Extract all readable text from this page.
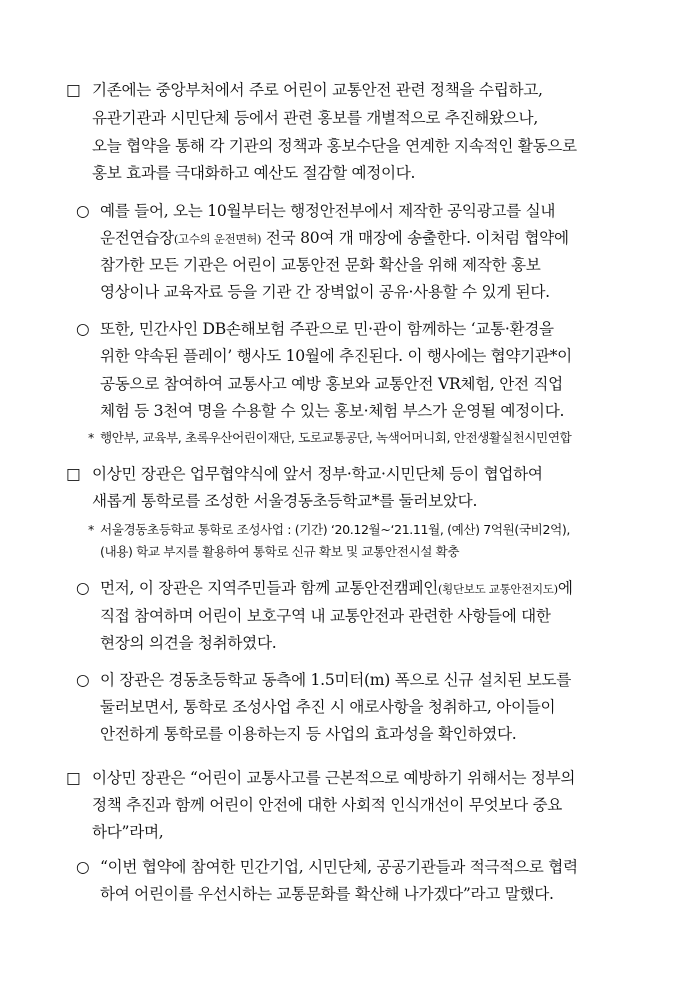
□ 기존에는 중앙부처에서 주로 어린이 교통안전 관련 정책을 수립하고,
유관기관과 시민단체 등에서 관련 홍보를 개별적으로 추진해왔으나,
오늘 협약을 통해 각 기관의 정책과 홍보수단을 연계한 지속적인 활동으로
홍보 효과를 극대화하고 예산도 절감할 예정이다.
○ 예를 들어, 오는 10월부터는 행정안전부에서 제작한 공익광고를 실내
운전연습장(고수의 운전면허) 전국 80여 개 매장에 송출한다. 이처럼 협약에
참가한 모든 기관은 어린이 교통안전 문화 확산을 위해 제작한 홍보
영상이나 교육자료 등을 기관 간 장벽없이 공유·사용할 수 있게 된다.
○ 또한, 민간사인 DB손해보험 주관으로 민·관이 함께하는 ‘교통·환경을
위한 약속된 플레이’ 행사도 10월에 추진된다. 이 행사에는 협약기관*이
공동으로 참여하여 교통사고 예방 홍보와 교통안전 VR체험, 안전 직업
체험 등 3천여 명을 수용할 수 있는 홍보·체험 부스가 운영될 예정이다.
* 행안부, 교육부, 초록우산어린이재단, 도로교통공단, 녹색어머니회, 안전생활실천시민연합
□ 이상민 장관은 업무협약식에 앞서 정부·학교·시민단체 등이 협업하여
새롭게 통학로를 조성한 서울경동초등학교*를 둘러보았다.
* 서울경동초등학교 통학로 조성사업 : (기간) ‘20.12월~‘21.11월, (예산) 7억원(국비2억),
(내용) 학교 부지를 활용하여 통학로 신규 확보 및 교통안전시설 확충
○ 먼저, 이 장관은 지역주민들과 함께 교통안전캠페인(횡단보도 교통안전지도)에
직접 참여하며 어린이 보호구역 내 교통안전과 관련한 사항들에 대한
현장의 의견을 청취하였다.
○ 이 장관은 경동초등학교 동측에 1.5미터(m) 폭으로 신규 설치된 보도를
둘러보면서, 통학로 조성사업 추진 시 애로사항을 청취하고, 아이들이
안전하게 통학로를 이용하는지 등 사업의 효과성을 확인하였다.
□ 이상민 장관은 “어린이 교통사고를 근본적으로 예방하기 위해서는 정부의
정책 추진과 함께 어린이 안전에 대한 사회적 인식개선이 무엇보다 중요
하다”라며,
○ “이번 협약에 참여한 민간기업, 시민단체, 공공기관들과 적극적으로 협력
하여 어린이를 우선시하는 교통문화를 확산해 나가겠다”라고 말했다.
